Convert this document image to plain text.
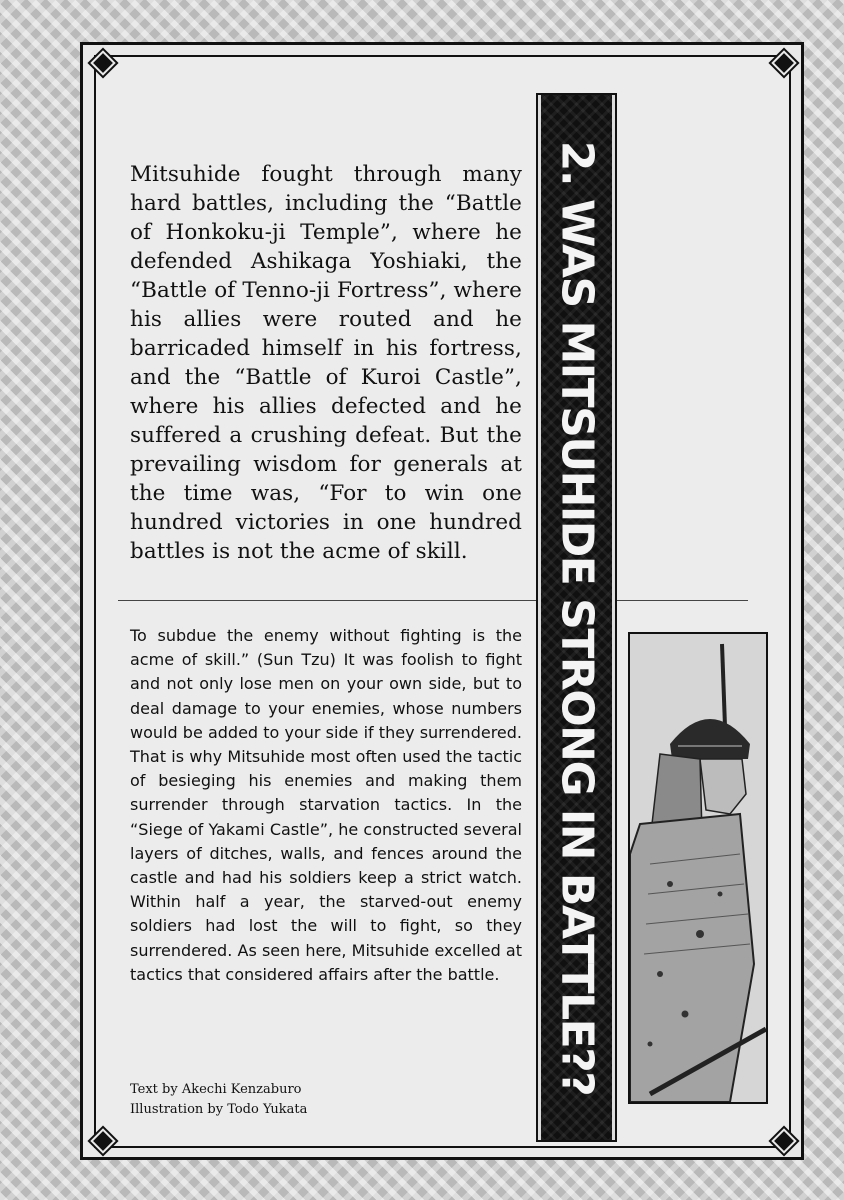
Mitsuhide fought through many hard battles, including the “Battle of Honkoku-ji Temple”, where he defended Ashikaga Yoshiaki, the “Battle of Tenno-ji Fortress”, where his allies were routed and he barricaded himself in his fortress, and the “Battle of Kuroi Castle”, where his allies defected and he suffered a crushing defeat. But the prevailing wisdom for generals at the time was, “For to win one hundred victories in one hundred battles is not the acme of skill.
To subdue the enemy without fighting is the acme of skill.” (Sun Tzu) It was foolish to fight and not only lose men on your own side, but to deal damage to your enemies, whose numbers would be added to your side if they surrendered. That is why Mitsuhide most often used the tactic of besieging his enemies and making them surrender through starvation tactics. In the “Siege of Yakami Castle”, he constructed several layers of ditches, walls, and fences around the castle and had his soldiers keep a strict watch. Within half a year, the starved-out enemy soldiers had lost the will to fight, so they surrendered. As seen here, Mitsuhide excelled at tactics that considered affairs after the battle.
Text by Akechi Kenzaburo
Illustration by Todo Yukata
2. WAS MITSUHIDE STRONG IN BATTLE??
